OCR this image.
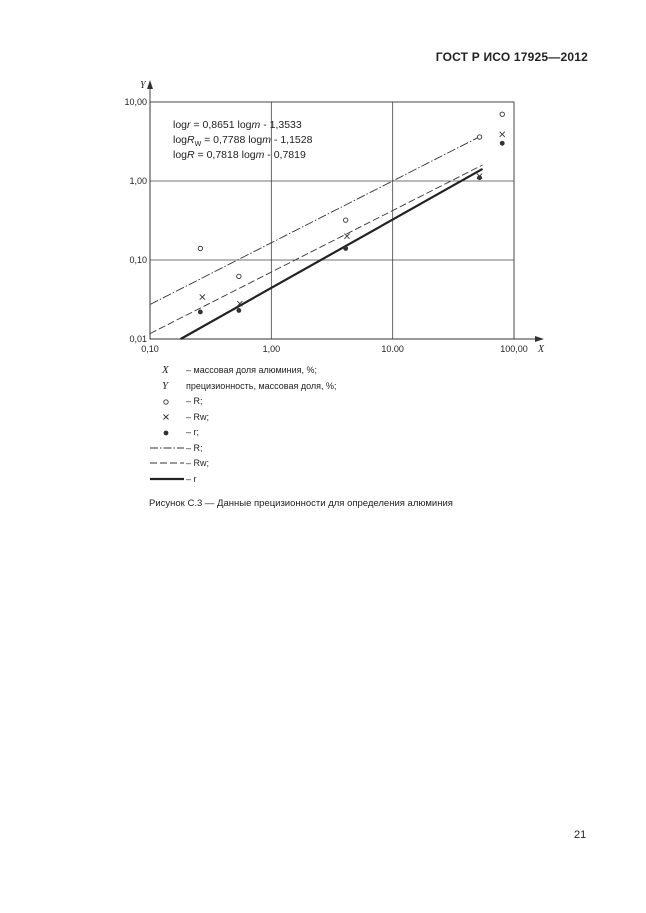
ГОСТ Р ИСО 17925—2012
0,10	1,00	10.00	100,00
0,01
0,10
1,00
10,00
X
Y
logr = 0,8651 logm - 1,3533
logR$_W$ = 0,7788 logm - 1,1528
logR = 0,7818 logm - 0,7819
X	– массовая доля алюминия, %;
Y	прецизионность, массовая доля, %;
– R;
– Rw;
– r;
– R;
– Rw;
– r
Рисунок С.3 — Данные прецизионности для определения алюминия
21
